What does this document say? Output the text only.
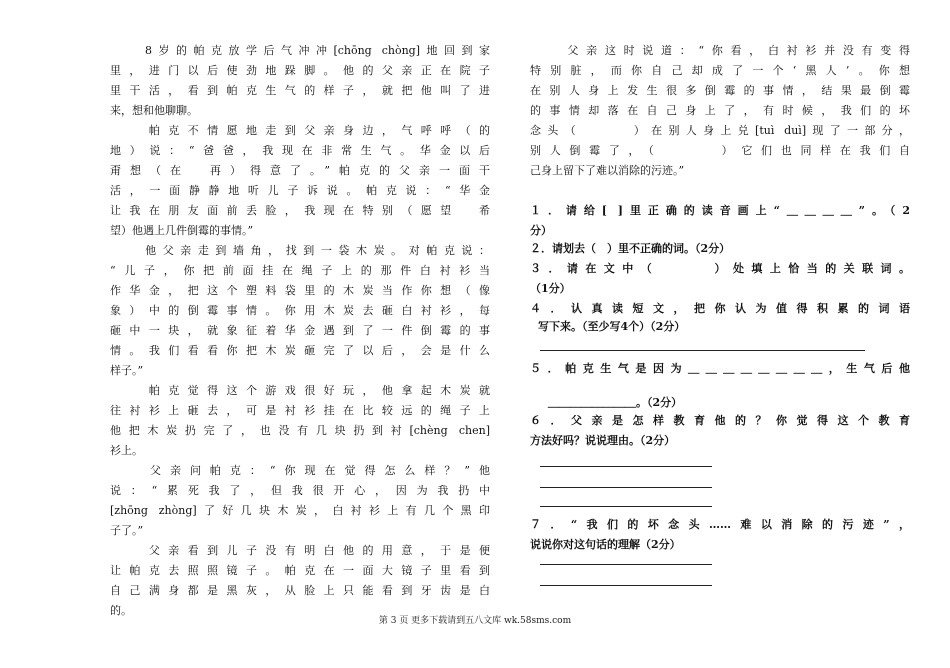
　　8岁的帕克放学后气冲冲[chōng chòng]地回到家
里，进门以后使劲地跺脚。他的父亲正在院子
里干活，看到帕克生气的样子，就把他叫了进
来，想和他聊聊。
　　帕克不情愿地走到父亲身边，气呼呼（的
地）说：“爸爸，我现在非常生气。华金以后
甭想（在　再）得意了。”帕克的父亲一面干
活，一面静静地听儿子诉说。帕克说：“华金
让我在朋友面前丢脸，我现在特别（愿望　希
望）他遇上几件倒霉的事情。”
　　他父亲走到墙角，找到一袋木炭。对帕克说：
“儿子，你把前面挂在绳子上的那件白衬衫当
作华金，把这个塑料袋里的木炭当作你想（像
象）中的倒霉事情。你用木炭去砸白衬衫，每
砸中一块，就象征着华金遇到了一件倒霉的事
情。我们看看你把木炭砸完了以后，会是什么
样子。”
　　帕克觉得这个游戏很好玩，他拿起木炭就
往衬衫上砸去，可是衬衫挂在比较远的绳子上
他把木炭扔完了，也没有几块扔到衬[chèng chen]
衫上。
　　父亲问帕克：“你现在觉得怎么样？”他
说：“累死我了，但我很开心，因为我扔中
[zhōng zhòng]了好几块木炭，白衬衫上有几个黑印
子了。”
　　父亲看到儿子没有明白他的用意，于是便
让帕克去照照镜子。帕克在一面大镜子里看到
自己满身都是黑灰，从脸上只能看到牙齿是白
的。
　　父亲这时说道：“你看，白衬衫并没有变得
特别脏，而你自己却成了一个‘黑人’。你想
在别人身上发生很多倒霉的事情，结果最倒霉
的事情却落在自己身上了，有时候，我们的坏
念头（　　　）在别人身上兑[tuì duì]现了一部分，
别人倒霉了，（　　　）它们也同样在我们自
己身上留下了难以消除的污迹。”
１．请给[ ]里正确的读音画上“＿＿＿＿”。（2
分）
２．请划去（　）里不正确的词。（2分）
３．请在文中（　　　）处填上恰当的关联词。
（1分）
４．认真读短文，把你认为值得积累的词语
写下来。（至少写4个）（2分）
５．帕克生气是因为＿＿＿＿＿＿＿＿，生气后他
＿＿＿＿＿＿＿＿。（2分）
６．父亲是怎样教育他的？你觉得这个教育
方法好吗？说说理由。（2分）
７．“我们的坏念头……难以消除的污迹”，
说说你对这句话的理解（2分）
第 3 页 更多下载请到五八文库 wk.58sms.com
